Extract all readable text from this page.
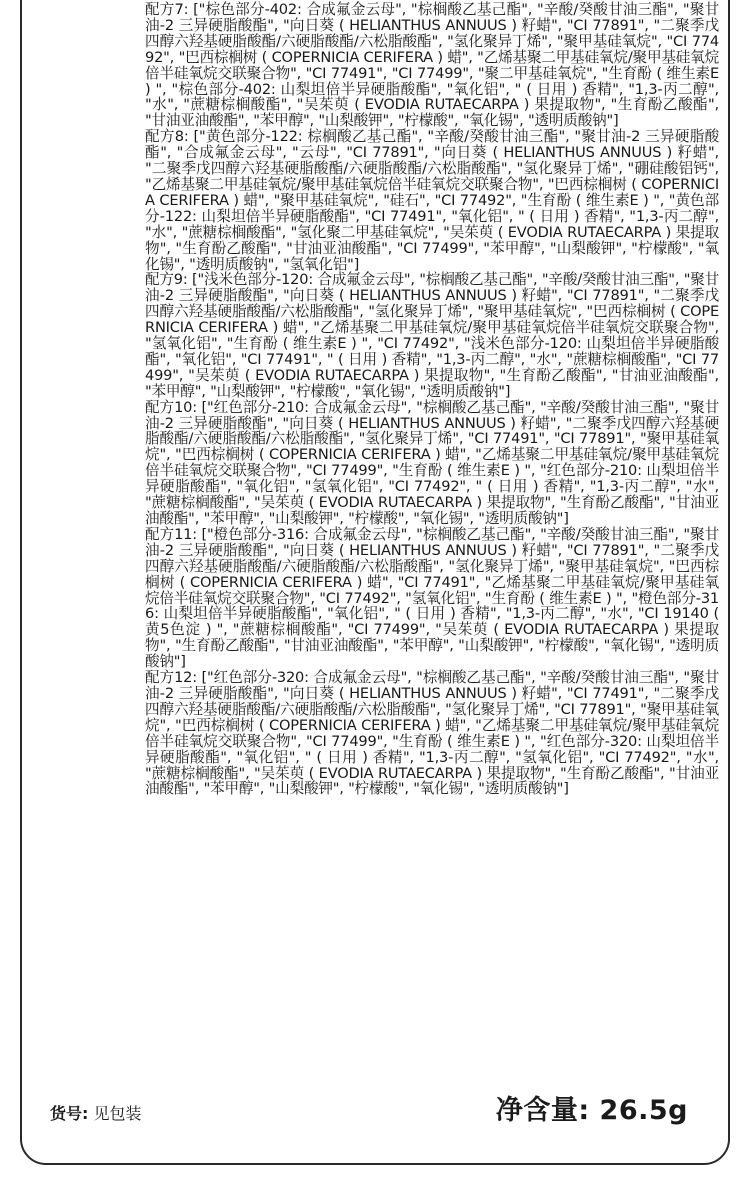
配方7: ["棕色部分-402: 合成氟金云母", "棕榈酸乙基己酯", "辛酸/癸酸甘油三酯", "聚甘油-2 三异硬脂酸酯", "向日葵 ( HELIANTHUS ANNUUS ) 籽蜡", "CI 77891", "二聚季戊四醇六羟基硬脂酸酯/六硬脂酸酯/六松脂酸酯", "氢化聚异丁烯", "聚甲基硅氧烷", "CI 77492", "巴西棕榈树 ( COPERNICIA CERIFERA ) 蜡", "乙烯基聚二甲基硅氧烷/聚甲基硅氧烷倍半硅氧烷交联聚合物", "CI 77491", "CI 77499", "聚二甲基硅氧烷", "生育酚 ( 维生素E ) ", "棕色部分-402: 山梨坦倍半异硬脂酸酯", "氧化铝", " ( 日用 ) 香精", "1,3-丙二醇", "水", "蔗糖棕榈酸酯", "吴茱萸 ( EVODIA RUTAECARPA ) 果提取物", "生育酚乙酸酯", "甘油亚油酸酯", "苯甲醇", "山梨酸钾", "柠檬酸", "氧化锡", "透明质酸钠"]

配方8: ["黄色部分-122: 棕榈酸乙基己酯", "辛酸/癸酸甘油三酯", "聚甘油-2 三异硬脂酸酯", "合成氟金云母", "云母", "CI 77891", "向日葵 ( HELIANTHUS ANNUUS ) 籽蜡", "二聚季戊四醇六羟基硬脂酸酯/六硬脂酸酯/六松脂酸酯", "氢化聚异丁烯", "硼硅酸铝钙", "乙烯基聚二甲基硅氧烷/聚甲基硅氧烷倍半硅氧烷交联聚合物", "巴西棕榈树 ( COPERNICIA CERIFERA ) 蜡", "聚甲基硅氧烷", "硅石", "CI 77492", "生育酚 ( 维生素E ) ", "黄色部分-122: 山梨坦倍半异硬脂酸酯", "CI 77491", "氧化铝", " ( 日用 ) 香精", "1,3-丙二醇", "水", "蔗糖棕榈酸酯", "氢化聚二甲基硅氧烷", "吴茱萸 ( EVODIA RUTAECARPA ) 果提取物", "生育酚乙酸酯", "甘油亚油酸酯", "CI 77499", "苯甲醇", "山梨酸钾", "柠檬酸", "氧化锡", "透明质酸钠", "氢氧化铝"]

配方9: ["浅米色部分-120: 合成氟金云母", "棕榈酸乙基己酯", "辛酸/癸酸甘油三酯", "聚甘油-2 三异硬脂酸酯", "向日葵 ( HELIANTHUS ANNUUS ) 籽蜡", "CI 77891", "二聚季戊四醇六羟基硬脂酸酯/六松脂酸酯", "氢化聚异丁烯", "聚甲基硅氧烷", "巴西棕榈树 ( COPERNICIA CERIFERA ) 蜡", "乙烯基聚二甲基硅氧烷/聚甲基硅氧烷倍半硅氧烷交联聚合物", "氢氧化铝", "生育酚 ( 维生素E ) ", "CI 77492", "浅米色部分-120: 山梨坦倍半异硬脂酸酯", "氧化铝", "CI 77491", " ( 日用 ) 香精", "1,3-丙二醇", "水", "蔗糖棕榈酸酯", "CI 77499", "吴茱萸 ( EVODIA RUTAECARPA ) 果提取物", "生育酚乙酸酯", "甘油亚油酸酯", "苯甲醇", "山梨酸钾", "柠檬酸", "氧化锡", "透明质酸钠"]

配方10: ["红色部分-210: 合成氟金云母", "棕榈酸乙基己酯", "辛酸/癸酸甘油三酯", "聚甘油-2 三异硬脂酸酯", "向日葵 ( HELIANTHUS ANNUUS ) 籽蜡", "二聚季戊四醇六羟基硬脂酸酯/六硬脂酸酯/六松脂酸酯", "氢化聚异丁烯", "CI 77491", "CI 77891", "聚甲基硅氧烷", "巴西棕榈树 ( COPERNICIA CERIFERA ) 蜡", "乙烯基聚二甲基硅氧烷/聚甲基硅氧烷倍半硅氧烷交联聚合物", "CI 77499", "生育酚 ( 维生素E ) ", "红色部分-210: 山梨坦倍半异硬脂酸酯", "氧化铝", "氢氧化铝", "CI 77492", " ( 日用 ) 香精", "1,3-丙二醇", "水", "蔗糖棕榈酸酯", "吴茱萸 ( EVODIA RUTAECARPA ) 果提取物", "生育酚乙酸酯", "甘油亚油酸酯", "苯甲醇", "山梨酸钾", "柠檬酸", "氧化锡", "透明质酸钠"]

配方11: ["橙色部分-316: 合成氟金云母", "棕榈酸乙基己酯", "辛酸/癸酸甘油三酯", "聚甘油-2 三异硬脂酸酯", "向日葵 ( HELIANTHUS ANNUUS ) 籽蜡", "CI 77891", "二聚季戊四醇六羟基硬脂酸酯/六硬脂酸酯/六松脂酸酯", "氢化聚异丁烯", "聚甲基硅氧烷", "巴西棕榈树 ( COPERNICIA CERIFERA ) 蜡", "CI 77491", "乙烯基聚二甲基硅氧烷/聚甲基硅氧烷倍半硅氧烷交联聚合物", "CI 77492", "氢氧化铝", "生育酚 ( 维生素E ) ", "橙色部分-316: 山梨坦倍半异硬脂酸酯", "氧化铝", " ( 日用 ) 香精", "1,3-丙二醇", "水", "CI 19140 ( 黄5色淀 ) ", "蔗糖棕榈酸酯", "CI 77499", "吴茱萸 ( EVODIA RUTAECARPA ) 果提取物", "生育酚乙酸酯", "甘油亚油酸酯", "苯甲醇", "山梨酸钾", "柠檬酸", "氧化锡", "透明质酸钠"]

配方12: ["红色部分-320: 合成氟金云母", "棕榈酸乙基己酯", "辛酸/癸酸甘油三酯", "聚甘油-2 三异硬脂酸酯", "向日葵 ( HELIANTHUS ANNUUS ) 籽蜡", "CI 77491", "二聚季戊四醇六羟基硬脂酸酯/六硬脂酸酯/六松脂酸酯", "氢化聚异丁烯", "CI 77891", "聚甲基硅氧烷", "巴西棕榈树 ( COPERNICIA CERIFERA ) 蜡", "乙烯基聚二甲基硅氧烷/聚甲基硅氧烷倍半硅氧烷交联聚合物", "CI 77499", "生育酚 ( 维生素E ) ", "红色部分-320: 山梨坦倍半异硬脂酸酯", "氧化铝", " ( 日用 ) 香精", "1,3-丙二醇", "氢氧化铝", "CI 77492", "水", "蔗糖棕榈酸酯", "吴茱萸 ( EVODIA RUTAECARPA ) 果提取物", "生育酚乙酸酯", "甘油亚油酸酯", "苯甲醇", "山梨酸钾", "柠檬酸", "氧化锡", "透明质酸钠"]

货号: 见包装	净含量: 26.5g
